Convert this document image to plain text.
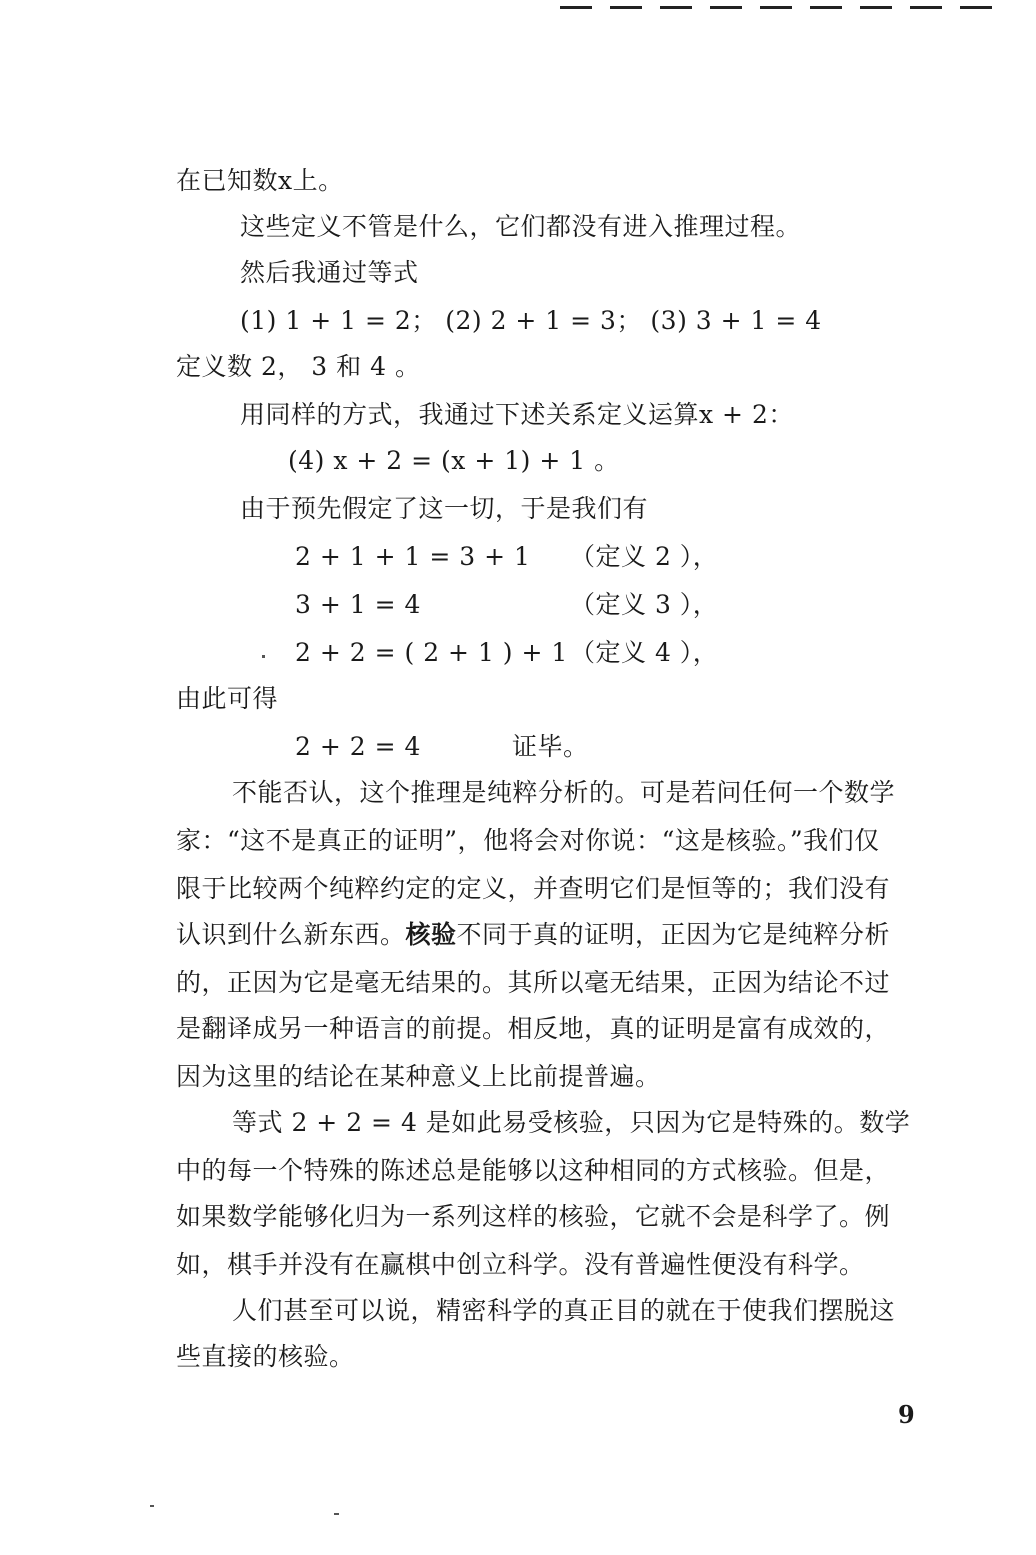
在已知数x上。
这些定义不管是什么，它们都没有进入推理过程。
然后我通过等式
(1) 1 + 1 = 2； (2) 2 + 1 = 3； (3) 3 + 1 = 4
定义数 2， 3 和 4 。
用同样的方式，我通过下述关系定义运算x + 2：
(4) x + 2 = (x + 1) + 1 。
由于预先假定了这一切，于是我们有
2 + 1 + 1 = 3 + 1 （定义 2 ），
3 + 1 = 4	（定义 3 ），
2 + 2 = ( 2 + 1 ) + 1 （定义 4 ），
由此可得
2 + 2 = 4	证毕。
不能否认，这个推理是纯粹分析的。可是若问任何一个数学
家：“这不是真正的证明”，他将会对你说：“这是核验。”我们仅
限于比较两个纯粹约定的定义，并查明它们是恒等的；我们没有
认识到什么新东西。核验不同于真的证明，正因为它是纯粹分析
的，正因为它是毫无结果的。其所以毫无结果，正因为结论不过
是翻译成另一种语言的前提。相反地，真的证明是富有成效的，
因为这里的结论在某种意义上比前提普遍。
等式 2 + 2 = 4 是如此易受核验，只因为它是特殊的。数学
中的每一个特殊的陈述总是能够以这种相同的方式核验。但是，
如果数学能够化归为一系列这样的核验，它就不会是科学了。例
如，棋手并没有在赢棋中创立科学。没有普遍性便没有科学。
人们甚至可以说，精密科学的真正目的就在于使我们摆脱这
些直接的核验。
9
